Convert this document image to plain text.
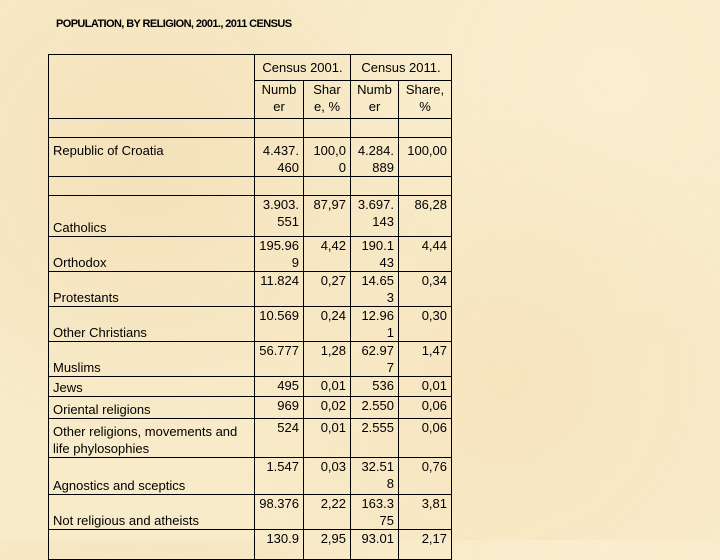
POPULATION, BY RELIGION, 2001., 2011 CENSUS
	Census 2001.		Census 2011.	
	Number	Share, %	Number	Share, %

Republic of Croatia	4.437.460	100,00	4.284.889	100,00

Catholics	3.903.551	87,97	3.697.143	86,28
Orthodox	195.969	4,42	190.143	4,44
Protestants	11.824	0,27	14.653	0,34
Other Christians	10.569	0,24	12.961	0,30
Muslims	56.777	1,28	62.977	1,47
Jews	495	0,01	536	0,01
Oriental religions	969	0,02	2.550	0,06
Other religions, movements and life phylosophies	524	0,01	2.555	0,06
Agnostics and sceptics	1.547	0,03	32.518	0,76
Not religious and atheists	98.376	2,22	163.375	3,81
	130.9	2,95	93.01	2,17
